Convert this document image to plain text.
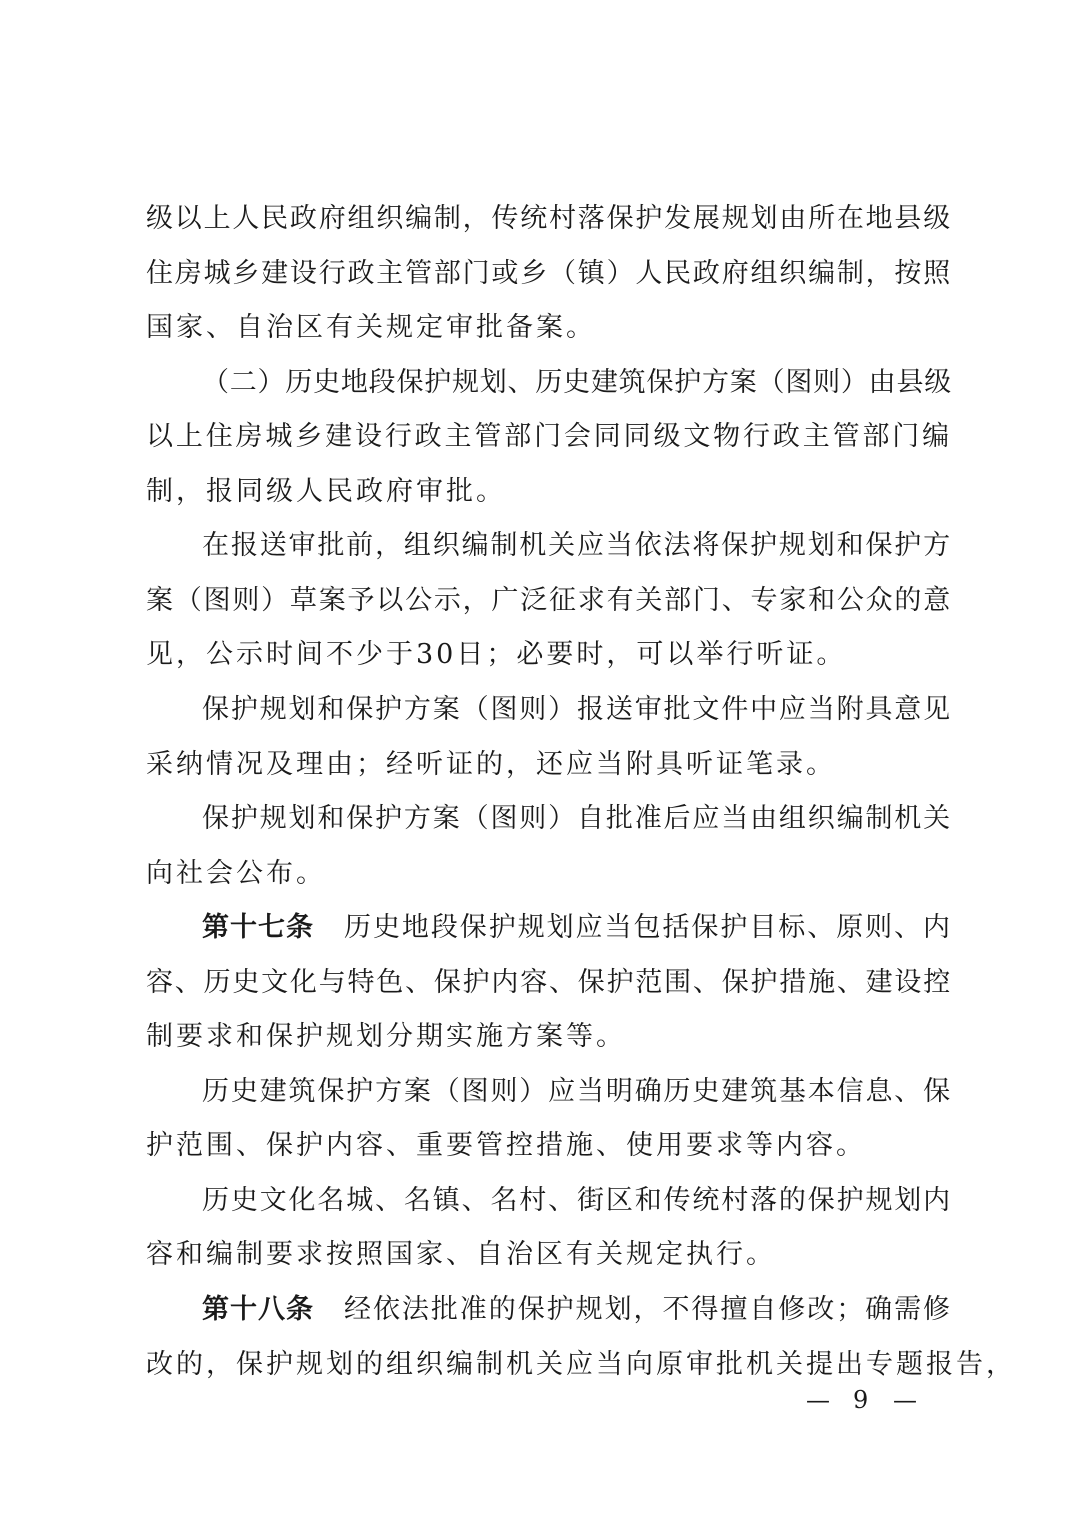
级以上人民政府组织编制，传统村落保护发展规划由所在地县级
住房城乡建设行政主管部门或乡（镇）人民政府组织编制，按照
国家、自治区有关规定审批备案。
（二）历史地段保护规划、历史建筑保护方案（图则）由县级
以上住房城乡建设行政主管部门会同同级文物行政主管部门编
制，报同级人民政府审批。
在报送审批前，组织编制机关应当依法将保护规划和保护方
案（图则）草案予以公示，广泛征求有关部门、专家和公众的意
见，公示时间不少于30日；必要时，可以举行听证。
保护规划和保护方案（图则）报送审批文件中应当附具意见
采纳情况及理由；经听证的，还应当附具听证笔录。
保护规划和保护方案（图则）自批准后应当由组织编制机关
向社会公布。
第十七条 历史地段保护规划应当包括保护目标、原则、内
容、历史文化与特色、保护内容、保护范围、保护措施、建设控
制要求和保护规划分期实施方案等。
历史建筑保护方案（图则）应当明确历史建筑基本信息、保
护范围、保护内容、重要管控措施、使用要求等内容。
历史文化名城、名镇、名村、街区和传统村落的保护规划内
容和编制要求按照国家、自治区有关规定执行。
第十八条 经依法批准的保护规划，不得擅自修改；确需修
改的，保护规划的组织编制机关应当向原审批机关提出专题报告，
— 9 —
